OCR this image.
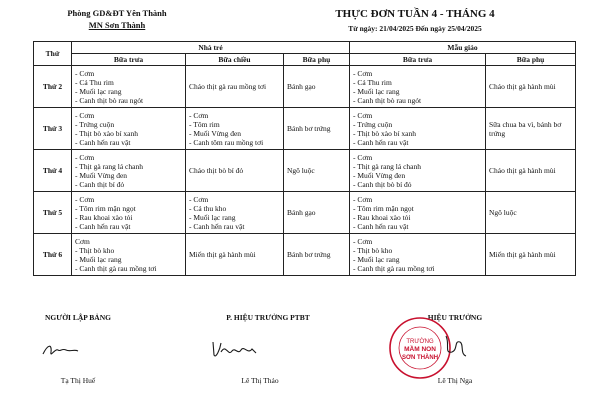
Phòng GD&ĐT Yên Thành
MN Sơn Thành
THỰC ĐƠN TUẦN 4 - THÁNG 4
Từ ngày: 21/04/2025 Đến ngày 25/04/2025
Thứ	Nhà trẻ			Mẫu giáo	
	Bữa trưa	Bữa chiều	Bữa phụ	Bữa trưa	Bữa phụ
Thứ 2	- Cơm
- Cá Thu rim
- Muối lạc rang
- Canh thịt bò rau ngót	Cháo thịt gà rau mồng tơi	Bánh gạo	- Cơm
- Cá Thu rim
- Muối lạc rang
- Canh thịt bò rau ngót	Cháo thịt gà hành mùi

Thứ 3	- Cơm
- Trứng cuộn
- Thịt bò xào bí xanh
- Canh hến rau vặt	- Cơm
- Tôm rim
- Muối Vừng đen
- Canh tôm rau mồng tơi	Bánh bơ trứng	- Cơm
- Trứng cuộn
- Thịt bò xào bí xanh
- Canh hến rau vặt	Sữa chua ba vì, bánh bơ
trứng

Thứ 4	- Cơm
- Thịt gà rang lá chanh
- Muối Vừng đen
- Canh thịt bí đỏ	Cháo thịt bò bí đỏ	Ngô luộc	- Cơm
- Thịt gà rang lá chanh
- Muối Vừng đen
- Canh thịt bò bí đỏ	Cháo thịt gà hành mùi

Thứ 5	- Cơm
- Tôm rim mặn ngọt
- Rau khoai xào tỏi
- Canh hến rau vặt	- Cơm
- Cá thu kho
- Muối lạc rang
- Canh hến rau vặt	Bánh gạo	- Cơm
- Tôm rim mặn ngọt
- Rau khoai xào tỏi
- Canh hến rau vặt	Ngô luộc

Thứ 6	Cơm
- Thịt bò kho
- Muối lạc rang
- Canh thịt gà rau mồng tơi	Miến thịt gà hành mùi	Bánh bơ trứng	- Cơm
- Thịt bò kho
- Muối lạc rang
- Canh thịt gà rau mồng tơi	Miến thịt gà hành mùi
NGƯỜI LẬP BẢNG	P. HIỆU TRƯỞNG PTBT	HIỆU TRƯỞNG
TRƯỜNG
MẦM NON
SƠN THÀNH
Tạ Thị Huế	Lê Thị Thảo	Lê Thị Nga
